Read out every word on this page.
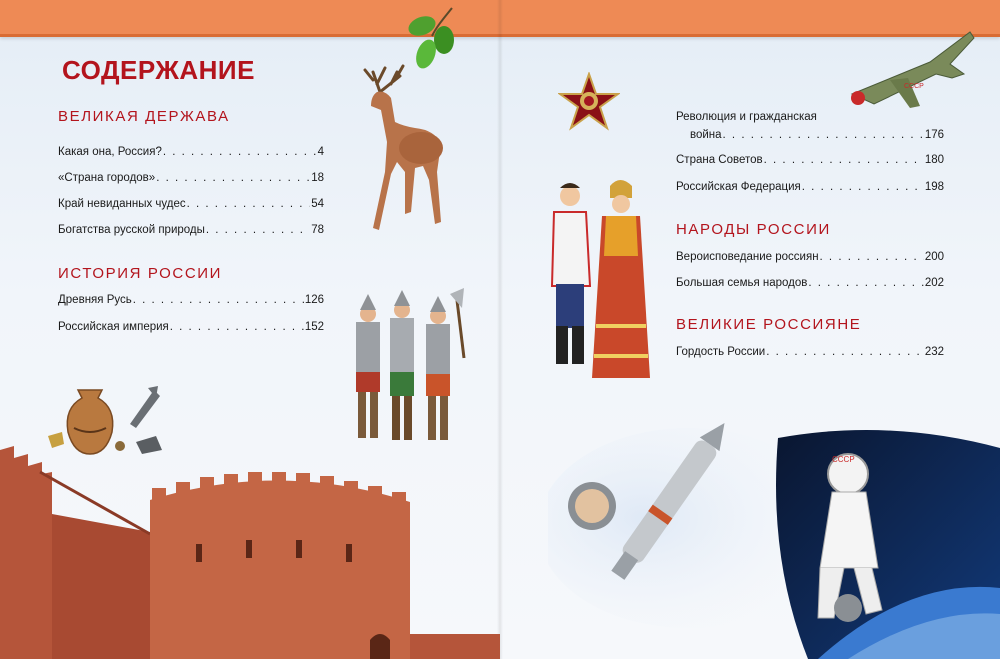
СОДЕРЖАНИЕ
ВЕЛИКАЯ ДЕРЖАВА
Какая она, Россия? . . .	4
«Страна городов» . . .	18
Край невиданных чудес . . .	54
Богатства русской природы . . .	78
ИСТОРИЯ РОССИИ
Древняя Русь . . .	126
Российская империя . . .	152
Революция и гражданская
война . . .	176
Страна Советов . . .	180
Российская Федерация . . .	198
НАРОДЫ РОССИИ
Вероисповедание россиян . . .	200
Большая семья народов . . .	202
ВЕЛИКИЕ РОССИЯНЕ
Гордость России . . .	232
СССР
СССР
